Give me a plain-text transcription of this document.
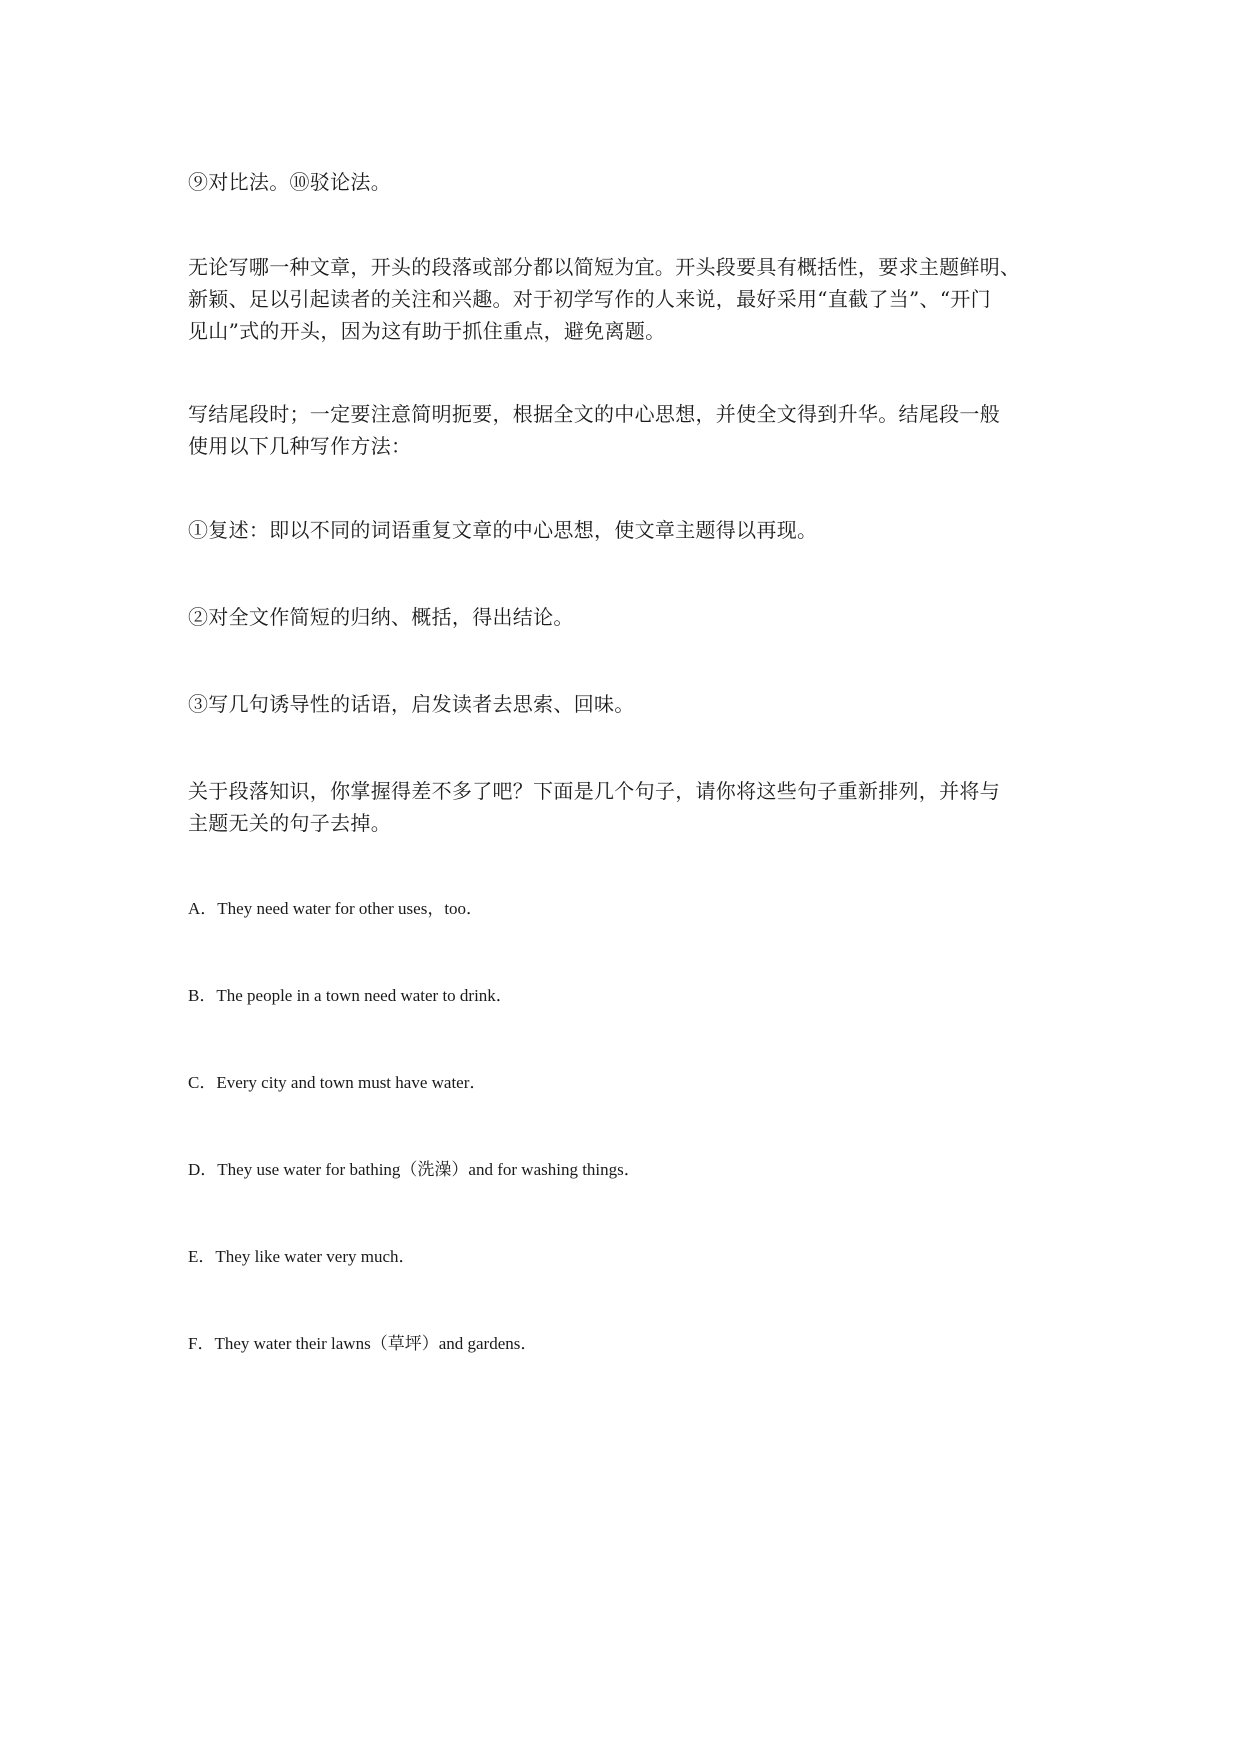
⑨对比法。⑩驳论法。

无论写哪一种文章，开头的段落或部分都以简短为宜。开头段要具有概括性，要求主题鲜明、
新颖、足以引起读者的关注和兴趣。对于初学写作的人来说，最好采用“直截了当”、“开门
见山”式的开头，因为这有助于抓住重点，避免离题。

写结尾段时；一定要注意简明扼要，根据全文的中心思想，并使全文得到升华。结尾段一般
使用以下几种写作方法：

①复述：即以不同的词语重复文章的中心思想，使文章主题得以再现。

②对全文作简短的归纳、概括，得出结论。

③写几句诱导性的话语，启发读者去思索、回味。

关于段落知识，你掌握得差不多了吧？下面是几个句子，请你将这些句子重新排列，并将与
主题无关的句子去掉。

A．They need water for other uses，too．

B．The people in a town need water to drink．

C．Every city and town must have water．

D．They use water for bathing（洗澡）and for washing things．

E．They like water very much．

F．They water their lawns（草坪）and gardens．
